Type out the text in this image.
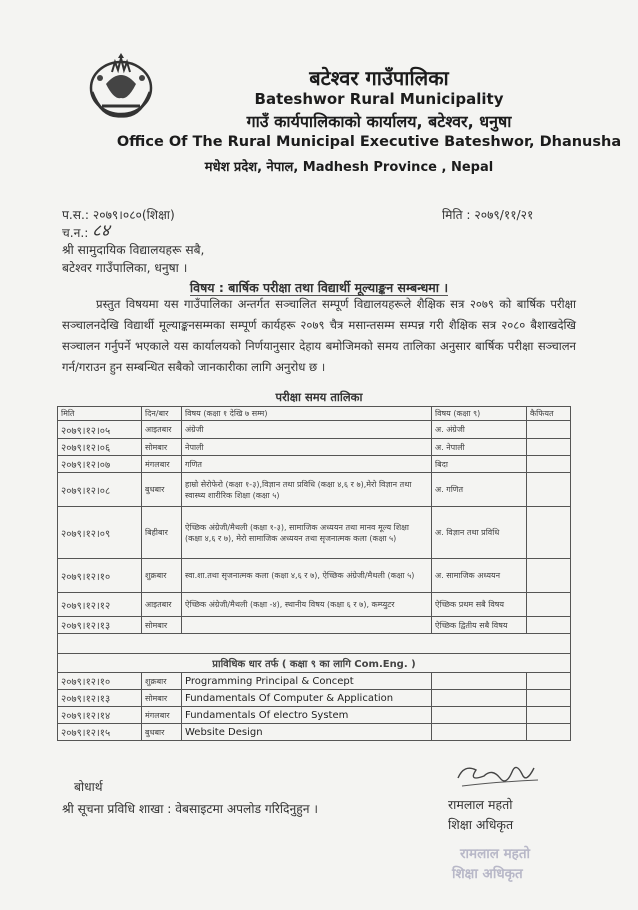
बटेश्वर गाउँपालिका
Bateshwor Rural Municipality
गाउँ कार्यपालिकाको कार्यालय, बटेश्वर, धनुषा
Office Of The Rural Municipal Executive Bateshwor, Dhanusha
मधेश प्रदेश, नेपाल, Madhesh Province , Nepal
प.स.: २०७९।०८०(शिक्षा)
च.न.: ८४
मिति : २०७९/११/२१
श्री सामुदायिक विद्यालयहरू सबै,
बटेश्वर गाउँपालिका, धनुषा ।
विषय : बार्षिक परीक्षा तथा विद्यार्थी मूल्याङ्कन सम्बन्धमा ।
प्रस्तुत विषयमा यस गाउँपालिका अन्तर्गत सञ्चालित सम्पूर्ण विद्यालयहरूले शैक्षिक सत्र २०७९ को बार्षिक परीक्षा सञ्चालनदेखि विद्यार्थी मूल्याङ्कनसम्मका सम्पूर्ण कार्यहरू २०७९ चैत्र मसान्तसम्म सम्पन्न गरी शैक्षिक सत्र २०८० बैशाखदेखि सञ्चालन गर्नुपर्ने भएकाले यस कार्यालयको निर्णयानुसार देहाय बमोजिमको समय तालिका अनुसार बार्षिक परीक्षा सञ्चालन गर्न/गराउन हुन सम्बन्धित सबैको जानकारीका लागि अनुरोध छ ।
परीक्षा समय तालिका
मिति	दिन/बार	विषय (कक्षा १ देखि ७ सम्म)	विषय (कक्षा ९)	कैफियत
२०७९।१२।०५	आइतबार	अंग्रेजी	अ. अंग्रेजी	
२०७९।१२।०६	सोमबार	नेपाली	अ. नेपाली	
२०७९।१२।०७	मंगलबार	गणित	बिदा	
२०७९।१२।०८	बुधबार	हाम्रो सेरोफेरो (कक्षा १-३),विज्ञान तथा प्रविधि (कक्षा ४,६ र ७),मेरो विज्ञान तथा स्वास्थ्य शारीरिक शिक्षा (कक्षा ५)	अ. गणित	
२०७९।१२।०९	बिहीबार	ऐच्छिक अंग्रेजी/मैथली (कक्षा १-३), सामाजिक अध्ययन तथा मानव मूल्य शिक्षा (कक्षा ४,६ र ७), मेरो सामाजिक अध्ययन तथा सृजनात्मक कला (कक्षा ५)	अ. विज्ञान तथा प्रविधि	
२०७९।१२।१०	शुक्रबार	स्वा.शा.तथा सृजनात्मक कला (कक्षा ४,६ र ७), ऐच्छिक अंग्रेजी/मैथली (कक्षा ५)	अ. सामाजिक अध्ययन	
२०७९।१२।१२	आइतबार	ऐच्छिक अंग्रेजी/मैथली (कक्षा -४), स्थानीय विषय (कक्षा ६ र ७), कम्प्युटर	ऐच्छिक प्रथम सबै विषय	
२०७९।१२।१३	सोमबार		ऐच्छिक द्वितीय सबै विषय	

प्राविधिक धार तर्फ ( कक्षा ९ का लागि Com.Eng. )				
२०७९।१२।१०	शुक्रबार	Programming Principal & Concept		
२०७९।१२।१३	सोमबार	Fundamentals Of Computer & Application		
२०७९।१२।१४	मंगलबार	Fundamentals Of electro System		
२०७९।१२।१५	बुधबार	Website Design		
बोधार्थ
श्री सूचना प्रविधि शाखा : वेबसाइटमा अपलोड गरिदिनुहुन ।	रामलाल महतो
शिक्षा अधिकृत
रामलाल महतो
शिक्षा अधिकृत
